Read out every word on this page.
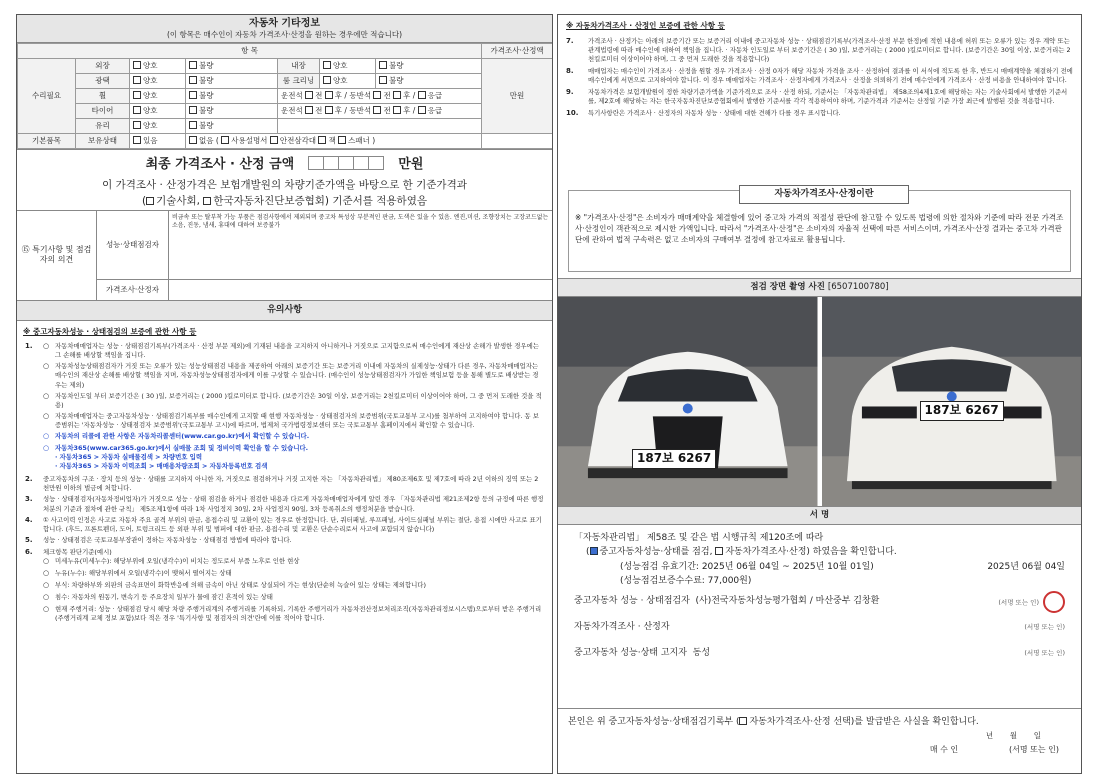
자동차 기타정보
(이 항목은 매수인이 자동차 가격조사·산정을 원하는 경우에만 적습니다)
항 목							가격조사·산정액
수리필요	외장	양호	불량	내장	양호	불량	만원
	광택	양호	불량	룸 크리닝	양호	불량	
	휠	양호	불량	운전석 전 후 / 동반석 전 후 / 응급			
	타이어	양호	불량	운전석 전 후 / 동반석 전 후 / 응급			
	유리	양호	불량				
기본품목	보유상태	있음	없음 ( 사용설명서 안전삼각대 잭 스패너 )				
최종 가격조사 · 산정 금액	만원
이 가격조사 · 산정가격은 보험개발원의 차량기준가액을 바탕으로 한 기준가격과
( 기술사회, 한국자동차진단보증협회) 기준서를 적용하였음
⑮ 특기사항 및 점검자의 의견
성능·상태점검자
비금속 또는 탈부착 가능 부품은 점검사항에서 제외되며 중고차 특성상 부분적인 판금, 도색은 있을 수 있음. 엔진,미션, 조향장치는 고장코드없는 소음, 진동, 냄새, 휴대에 대하여 보증불가
가격조사·산정자
유의사항
※ 중고자동차성능 · 상태점검의 보증에 관한 사항 등
1.	○ 자동차매매업자는 성능 · 상태점검기록부(가격조사 · 산정 부문 제외)에 기재된 내용을 고지하지 아니하거나 거짓으로 고지함으로써 매수인에게 재산상 손해가 발생한 경우에는 그 손해를 배상할 책임을 집니다.
○ 자동차성능상태점검자가 거짓 또는 오류가 있는 성능상태점검 내용을 제공하여 아래의 보증기간 또는 보증거리 이내에 자동차의 실제성능·상태가 다른 경우, 자동차매매업자는 매수인의 재산상 손해를 배상할 책임을 지며, 자동차성능상태점검자에게 이를 구상할 수 있습니다. (매수인이 성능상태점검자가 가입한 책임보험 등을 통해 별도로 배상받는 경우는 제외)
○ 자동차인도일 부터 보증기간은 ( 30 )일, 보증거리는 ( 2000 )킬로미터로 합니다. (보증기간은 30일 이상, 보증거리는 2천킬로미터 이상이어야 하며, 그 중 먼저 도래한 것을 적용)
○ 자동차매매업자는 중고자동차성능 · 상태점검기록부를 매수인에게 고지할 때 현행 자동차성능 · 상태점검자의 보증범위(국토교통부 고시)를 첨부하여 고지하여야 합니다. 동 보증범위는 '자동차성능 · 상태점검자 보증범위'(국토교통부 고시)에 따르며, 법제처 국가법령정보센터 또는 국토교통부 홈페이지에서 확인할 수 있습니다.
○ 자동차의 리콜에 관한 사항은 자동차리콜센터(www.car.go.kr)에서 확인할 수 있습니다.
○ 자동차365(www.car365.go.kr)에서 실매물 조회 및 정비이력 확인을 할 수 있습니다.
· 자동차365 > 자동차 실매물검색 > 차량번호 입력
· 자동차365 > 자동차 이력조회 > 매매용차량조회 > 자동차등록번호 검색
2.	중고자동차의 구조 · 장치 등의 성능 · 상태를 고지하지 아니한 자, 거짓으로 점검하거나 거짓 고지한 자는 「자동차관리법」 제80조제6호 및 제7호에 따라 2년 이하의 징역 또는 2천만원 이하의 벌금에 처합니다.
3.	성능 · 상태점검자(자동차정비업자)가 거짓으로 성능 · 상태 점검을 하거나 점검한 내용과 다르게 자동차매매업자에게 알린 경우 「자동차관리법 제21조제2항 등의 규정에 따른 행정처분의 기준과 절차에 관한 규칙」 제5조제1항에 따라 1차 사업정지 30일, 2차 사업정지 90일, 3차 등록취소의 행정처분을 받습니다.
4.	① 사고이력 인정은 사고로 자동차 주요 골격 부위의 판금, 용접수리 및 교환이 있는 경우로 한정합니다. 단, 쿼터패널, 루프패널, 사이드실패널 부위는 절단, 용접 시에만 사고로 표기합니다. (후드, 프론트펜더, 도어, 트렁크리드 등 외판 부위 및 범퍼에 대한 판금, 용접수리 및 교환은 단순수리로서 사고에 포함되지 않습니다)
5.	성능 · 상태점검은 국토교통부장관이 정하는 자동차성능 · 상태점검 방법에 따라야 합니다.
6.	체크항목 판단기준(예시)
○ 미세누유(미세누수): 해당부위에 오일(냉각수)이 비치는 정도로서 부품 노후로 인한 현상
○ 누유(누수): 해당부위에서 오일(냉각수)이 맺혀서 떨어지는 상태
○ 부식: 차량하부와 외판의 금속표면이 화학반응에 의해 금속이 아닌 상태로 상실되어 가는 현상(단순히 녹슬어 있는 상태는 제외합니다)
○ 침수: 자동차의 원동기, 변속기 등 주요장치 일부가 물에 잠긴 흔적이 있는 상태
○ 현재 주행거리: 성능 · 상태점검 당시 해당 차량 주행거리계의 주행거리를 기록하되, 기록한 주행거리가 자동차전산정보처리조직(자동차관리정보시스템)으로부터 받은 주행거리(주행거리계 교체 정보 포함)보다 적은 경우 '특기사항 및 점검자의 의견'란에 이를 적어야 합니다.
※ 자동차가격조사 · 산정인 보증에 관한 사항 등
7.	가격조사 · 산정가는 아래의 보증기간 또는 보증거리 이내에 중고자동차 성능 · 상태점검기록부(가격조사·산정 부문 한정)에 적힌 내용에 허위 또는 오류가 있는 경우 계약 또는 관계법령에 따라 매수인에 대하여 책임을 집니다. · 자동차 인도일로 부터 보증기간은 ( 30 )일, 보증거리는 ( 2000 )킬로미터로 합니다. (보증기간은 30일 이상, 보증거리는 2천킬로미터 이상이어야 하며, 그 중 먼저 도래한 것을 적용합니다)
8.	매매업자는 매수인이 가격조사 · 산정을 원할 경우 가격조사 · 산정 0자가 해당 자동차 가격을 조사 · 산정하여 결과를 이 서식에 적도록 한 후, 반드시 매매계약을 체결하기 전에 매수인에게 서면으로 고지하여야 합니다. 이 경우 매매업자는 가격조사 · 산정자에게 가격조사 · 산정을 의뢰하기 전에 매수인에게 가격조사 · 산정 비용을 안내하여야 합니다.
9.	자동차가격은 보험개발원이 정한 차량기준가액을 기준가격으로 조사 · 산정 하되, 기준서는 「자동차관리법」 제58조의4제1호에 해당하는 자는 기술사회에서 발행한 기준서를, 제2호에 해당하는 자는 한국자동차진단보증협회에서 발행한 기준서를 각각 적용하여야 하며, 기준가격과 기준서는 산정일 기준 가장 최근에 발행된 것을 적용합니다.
10.	특기사항란은 가격조사 · 산정자의 자동차 성능 · 상태에 대한 견해가 다를 경우 표시합니다.
자동차가격조사·산정이란
※ "가격조사·산정"은 소비자가 매매계약을 체결함에 있어 중고차 가격의 적절성 판단에 참고할 수 있도록 법령에 의한 절차와 기준에 따라 전문 가격조사·산정인이 객관적으로 제시한 가액입니다. 따라서 "가격조사·산정"은 소비자의 자율적 선택에 따른 서비스이며, 가격조사·산정 결과는 중고차 가격판단에 관하여 법적 구속력은 없고 소비자의 구매여부 결정에 참고자료로 활용됩니다.
점검 장면 촬영 사진 [6507100780]
187보 6267
187보 6267
서 명
「자동차관리법」 제58조 및 같은 법 시행규칙 제120조에 따라
( 중고자동차성능·상태를 점검, 자동차가격조사·산정) 하였음을 확인합니다.
(성능점검 유효기간: 2025년 06월 04일 ~ 2025년 10월 01일)	2025년 06월 04일
(성능점검보증수수료: 77,000원)
중고자동차 성능 · 상태점검자 (사)전국자동차성능평가협회 / 마산중부 김창환	(서명 또는 인)
자동차가격조사 · 산정자	(서명 또는 인)
중고자동차 성능·상태 고지자 동성	(서명 또는 인)
본인은 위 중고자동차성능·상태점검기록부 ( 자동차가격조사·산정 선택)를 발급받은 사실을 확인합니다.
년 월 일
매 수 인	(서명 또는 인)
